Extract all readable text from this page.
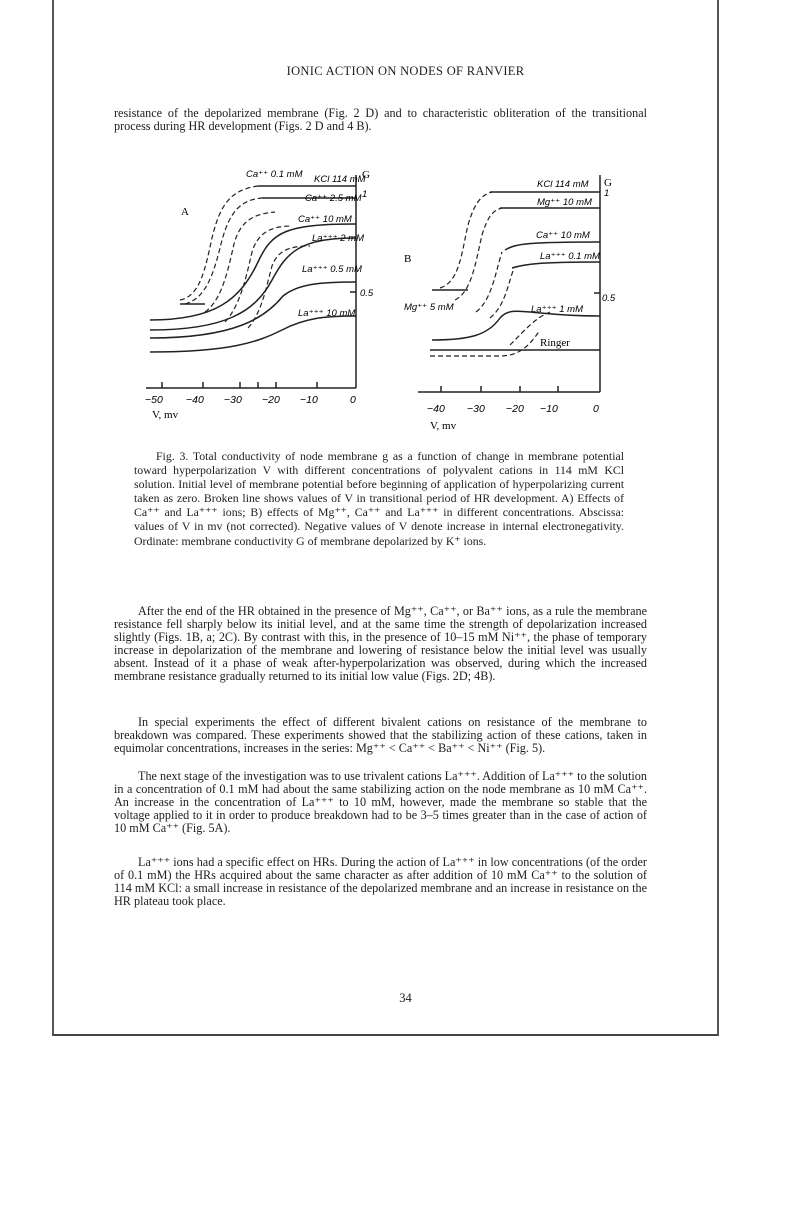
IONIC ACTION ON NODES OF RANVIER

resistance of the depolarized membrane (Fig. 2 D) and to characteristic obliteration of the transitional process during HR development (Figs. 2 D and 4 B).

A
G
1
0.5
Ca⁺⁺ 0.1 mM KCl 114 mM
Ca⁺⁺ 2.5 mM
Ca⁺⁺ 10 mM
La⁺⁺⁺ 2 mM
La⁺⁺⁺ 0.5 mM
La⁺⁺⁺ 10 mM
−50 −40 −30 −20 −10	0
V, mv
B
G
1
0.5
KCl 114 mM
Mg⁺⁺ 10 mM
Ca⁺⁺ 10 mM
La⁺⁺⁺ 0.1 mM
Mg⁺⁺ 5 mM	La⁺⁺⁺ 1 mM
Ringer
−40 −30 −20 −10	0
V, mv

Fig. 3. Total conductivity of node membrane g as a function of change in membrane potential toward hyperpolarization V with different concentrations of polyvalent cations in 114 mM KCl solution. Initial level of membrane potential before beginning of application of hyperpolarizing current taken as zero. Broken line shows values of V in transitional period of HR development. A) Effects of Ca⁺⁺ and La⁺⁺⁺ ions; B) effects of Mg⁺⁺, Ca⁺⁺ and La⁺⁺⁺ in different concentrations. Abscissa: values of V in mv (not corrected). Negative values of V denote increase in internal electronegativity. Ordinate: membrane conductivity G of membrane depolarized by K⁺ ions.

After the end of the HR obtained in the presence of Mg⁺⁺, Ca⁺⁺, or Ba⁺⁺ ions, as a rule the membrane resistance fell sharply below its initial level, and at the same time the strength of depolarization increased slightly (Figs. 1B, a; 2C). By contrast with this, in the presence of 10–15 mM Ni⁺⁺, the phase of temporary increase in depolarization of the membrane and lowering of resistance below the initial level was usually absent. Instead of it a phase of weak after-hyperpolarization was observed, during which the increased membrane resistance gradually returned to its initial low value (Figs. 2D; 4B).

In special experiments the effect of different bivalent cations on resistance of the membrane to breakdown was compared. These experiments showed that the stabilizing action of these cations, taken in equimolar concentrations, increases in the series: Mg⁺⁺ < Ca⁺⁺ < Ba⁺⁺ < Ni⁺⁺ (Fig. 5).

The next stage of the investigation was to use trivalent cations La⁺⁺⁺. Addition of La⁺⁺⁺ to the solution in a concentration of 0.1 mM had about the same stabilizing action on the node membrane as 10 mM Ca⁺⁺. An increase in the concentration of La⁺⁺⁺ to 10 mM, however, made the membrane so stable that the voltage applied to it in order to produce breakdown had to be 3–5 times greater than in the case of action of 10 mM Ca⁺⁺ (Fig. 5A).

La⁺⁺⁺ ions had a specific effect on HRs. During the action of La⁺⁺⁺ in low concentrations (of the order of 0.1 mM) the HRs acquired about the same character as after addition of 10 mM Ca⁺⁺ to the solution of 114 mM KCl: a small increase in resistance of the depolarized membrane and an increase in resistance on the HR plateau took place.

34
